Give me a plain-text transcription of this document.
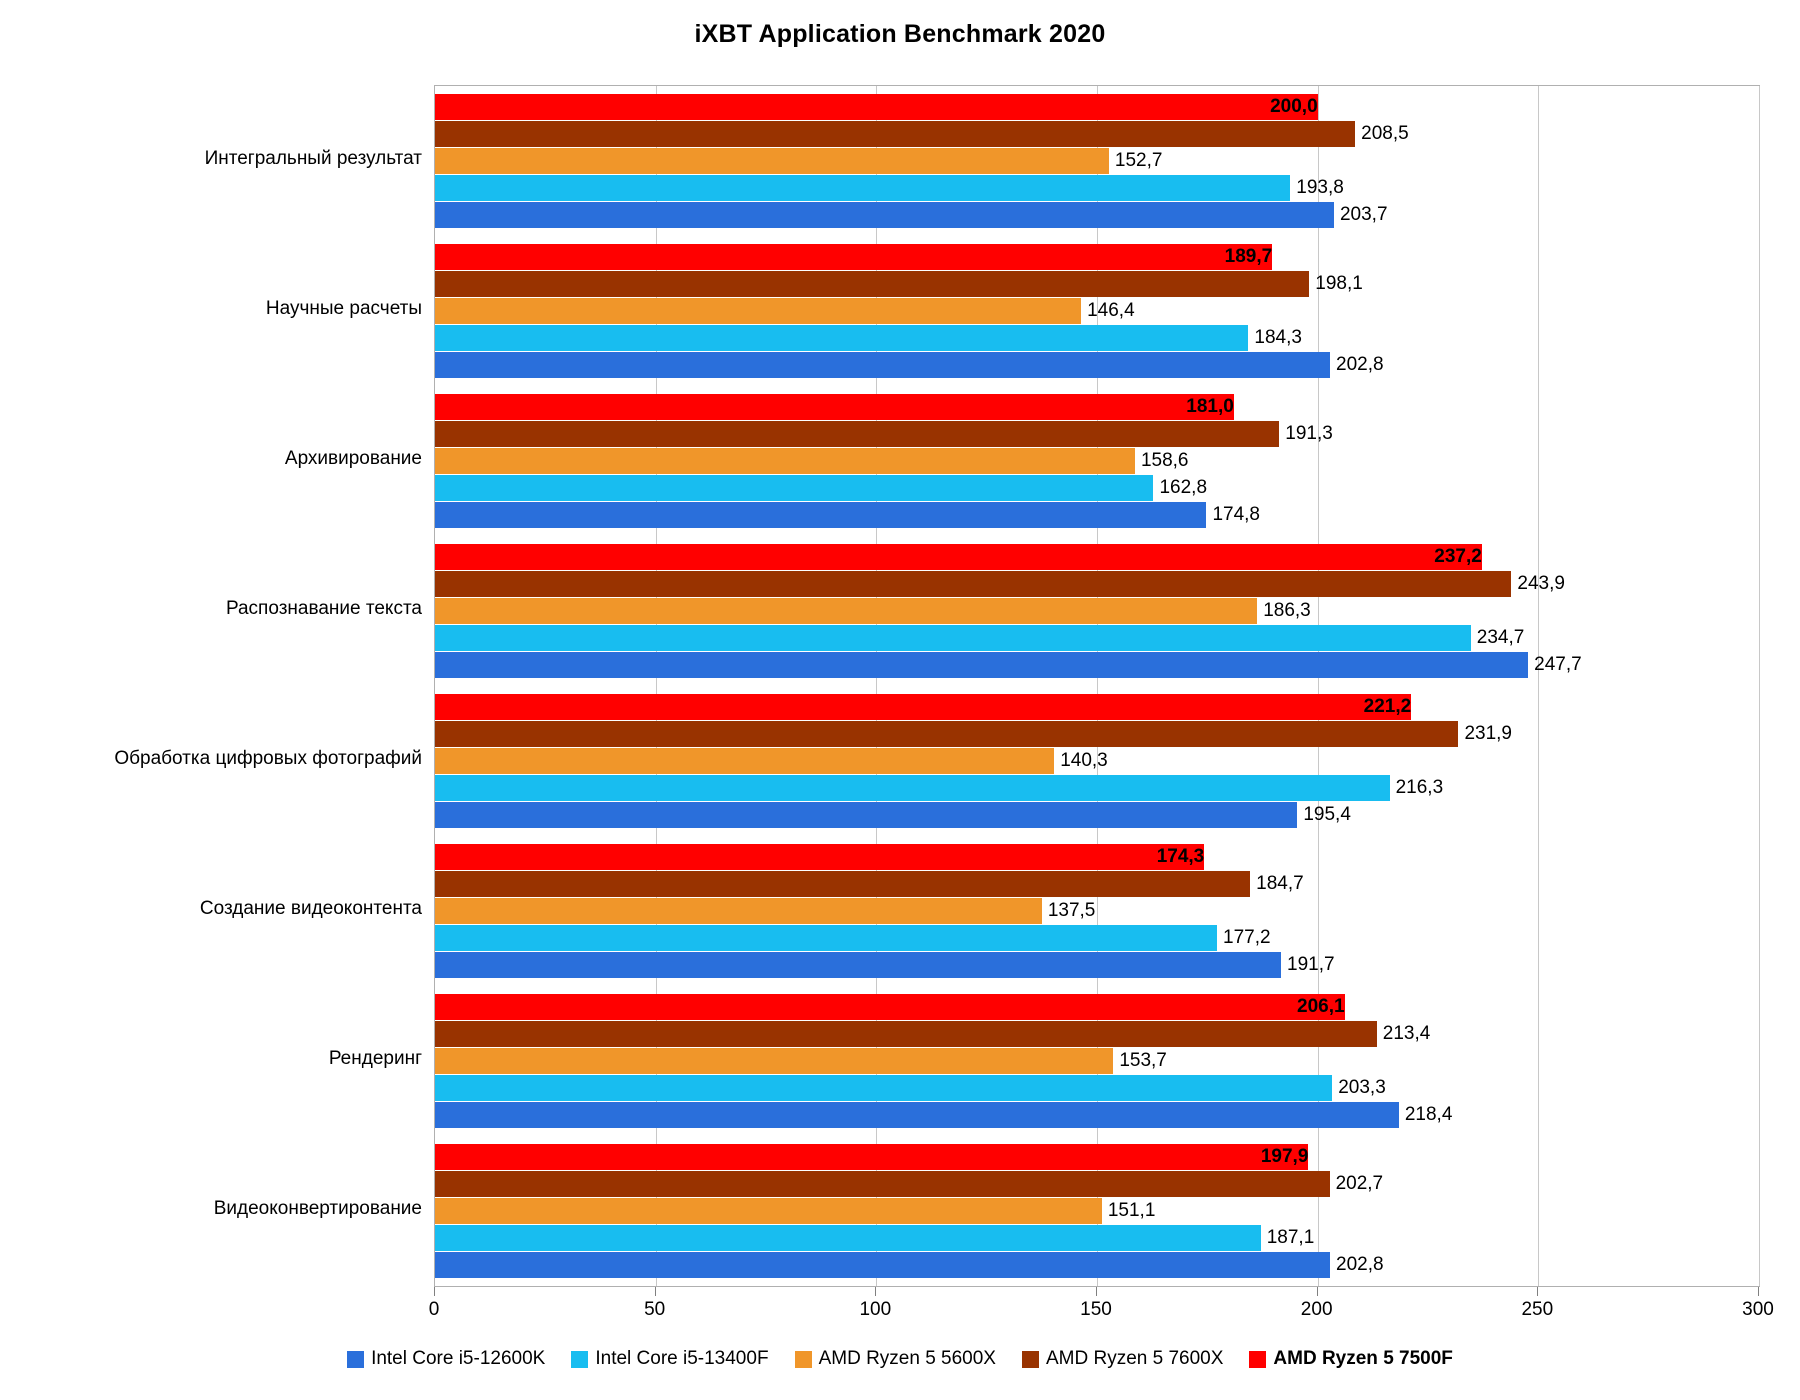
iXBT Application Benchmark 2020
203,7
193,8
152,7
208,5
200,0
202,8
184,3
146,4
198,1
189,7
174,8
162,8
158,6
191,3
181,0
247,7
234,7
186,3
243,9
237,2
195,4
216,3
140,3
231,9
221,2
191,7
177,2
137,5
184,7
174,3
218,4
203,3
153,7
213,4
206,1
202,8
187,1
151,1
202,7
197,9
0	50	100	150	200	250	300
Intel Core i5-12600K	Intel Core i5-13400F	AMD Ryzen 5 5600X	AMD Ryzen 5 7600X	AMD Ryzen 5 7500F
Интегральный результат
Научные расчеты
Архивирование
Распознавание текста
Обработка цифровых фотографий
Создание видеоконтента
Рендеринг
Видеоконвертирование
